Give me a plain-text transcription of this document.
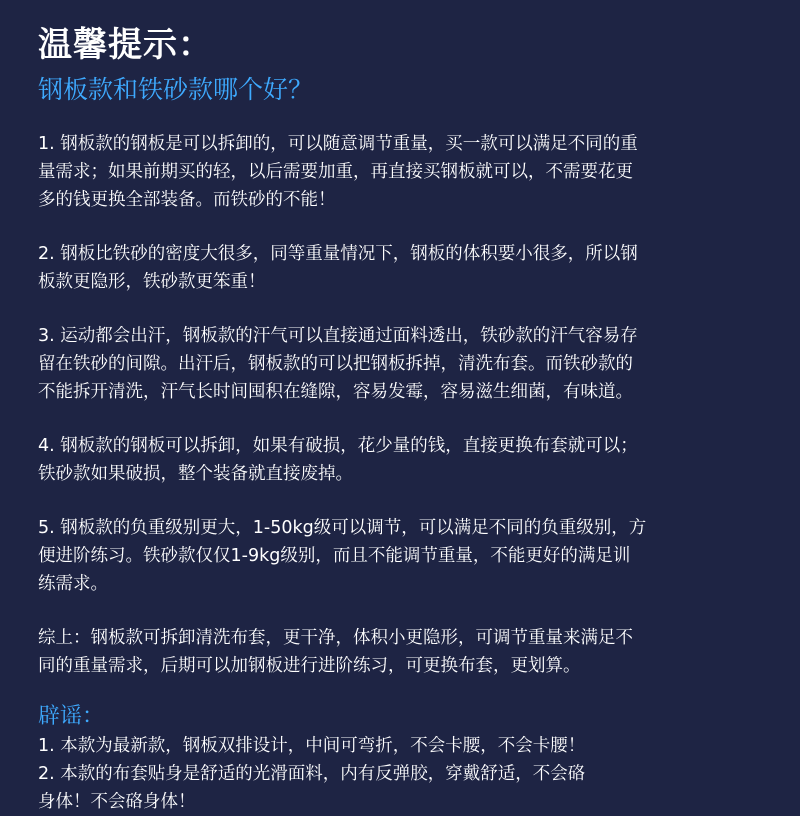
温馨提示：
钢板款和铁砂款哪个好？
1. 钢板款的钢板是可以拆卸的，可以随意调节重量，买一款可以满足不同的重
量需求；如果前期买的轻，以后需要加重，再直接买钢板就可以，不需要花更
多的钱更换全部装备。而铁砂的不能！
2. 钢板比铁砂的密度大很多，同等重量情况下，钢板的体积要小很多，所以钢
板款更隐形，铁砂款更笨重！
3. 运动都会出汗，钢板款的汗气可以直接通过面料透出，铁砂款的汗气容易存
留在铁砂的间隙。出汗后，钢板款的可以把钢板拆掉，清洗布套。而铁砂款的
不能拆开清洗，汗气长时间囤积在缝隙，容易发霉，容易滋生细菌，有味道。
4. 钢板款的钢板可以拆卸，如果有破损，花少量的钱，直接更换布套就可以；
铁砂款如果破损，整个装备就直接废掉。
5. 钢板款的负重级别更大，1-50kg级可以调节，可以满足不同的负重级别，方
便进阶练习。铁砂款仅仅1-9kg级别，而且不能调节重量，不能更好的满足训
练需求。
综上：钢板款可拆卸清洗布套，更干净，体积小更隐形，可调节重量来满足不
同的重量需求，后期可以加钢板进行进阶练习，可更换布套，更划算。
辟谣：
1. 本款为最新款，钢板双排设计，中间可弯折，不会卡腰，不会卡腰！
2. 本款的布套贴身是舒适的光滑面料，内有反弹胶，穿戴舒适，不会硌
身体！不会硌身体！
